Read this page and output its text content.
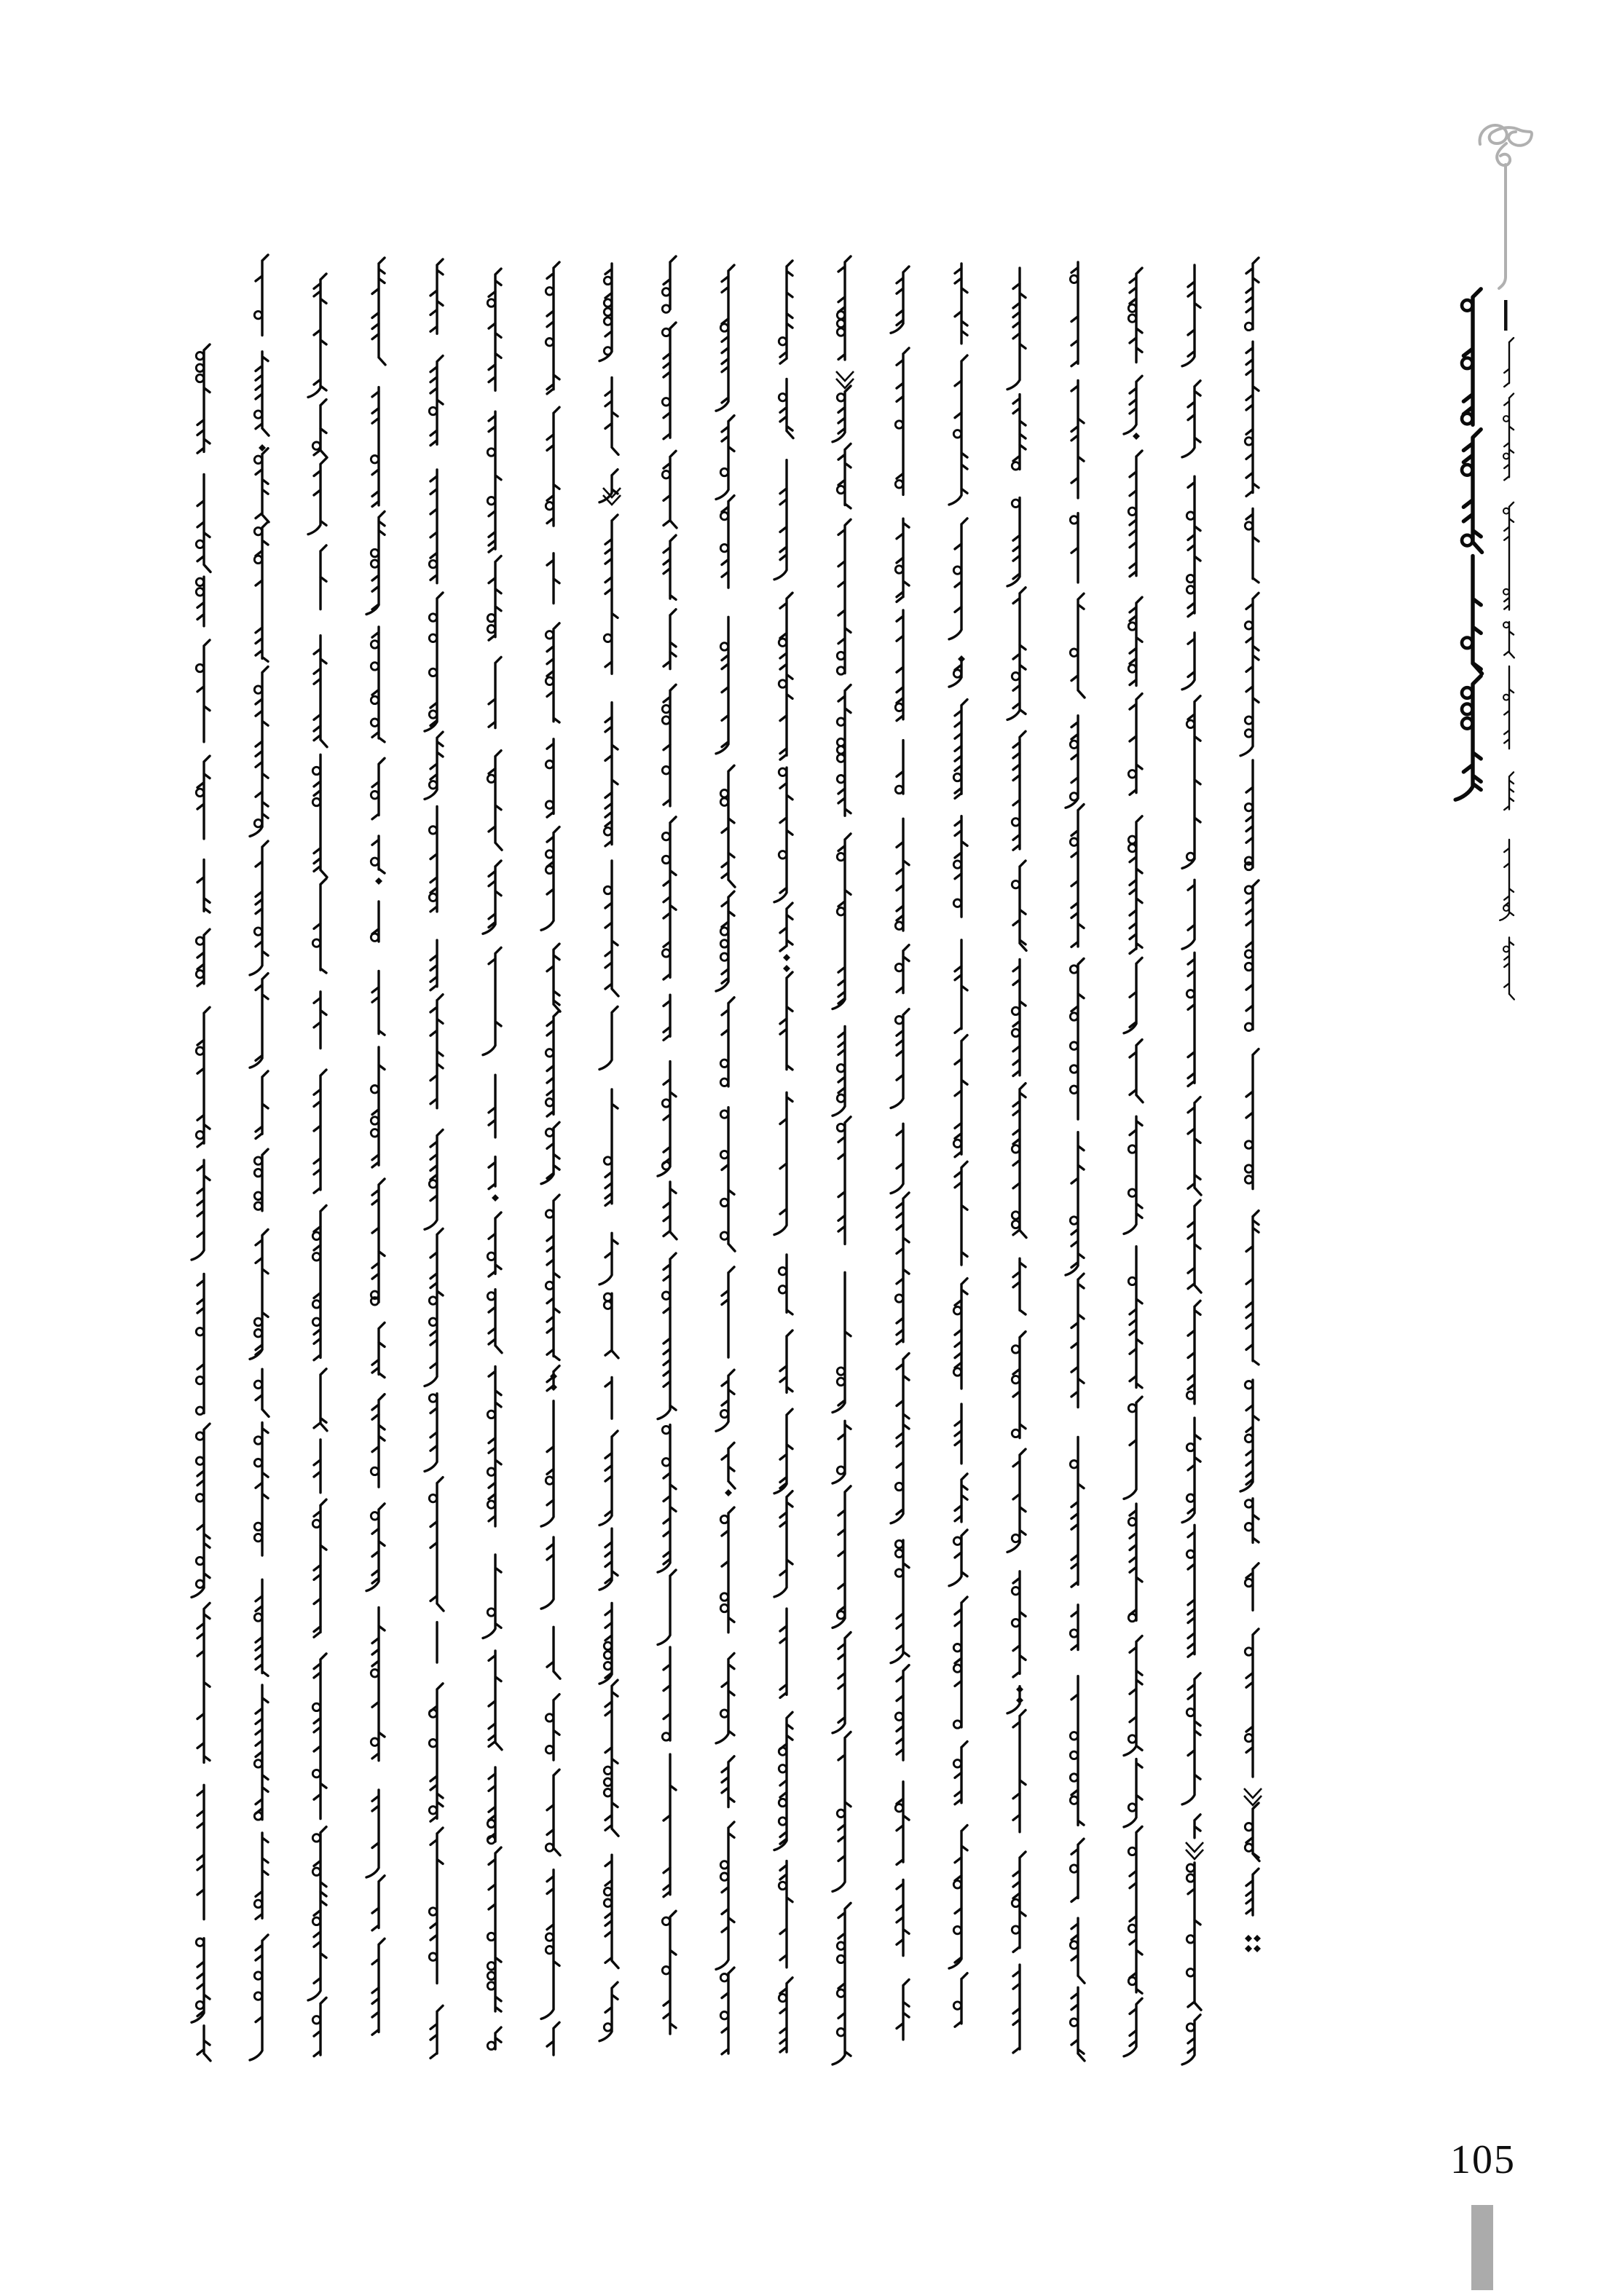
105
